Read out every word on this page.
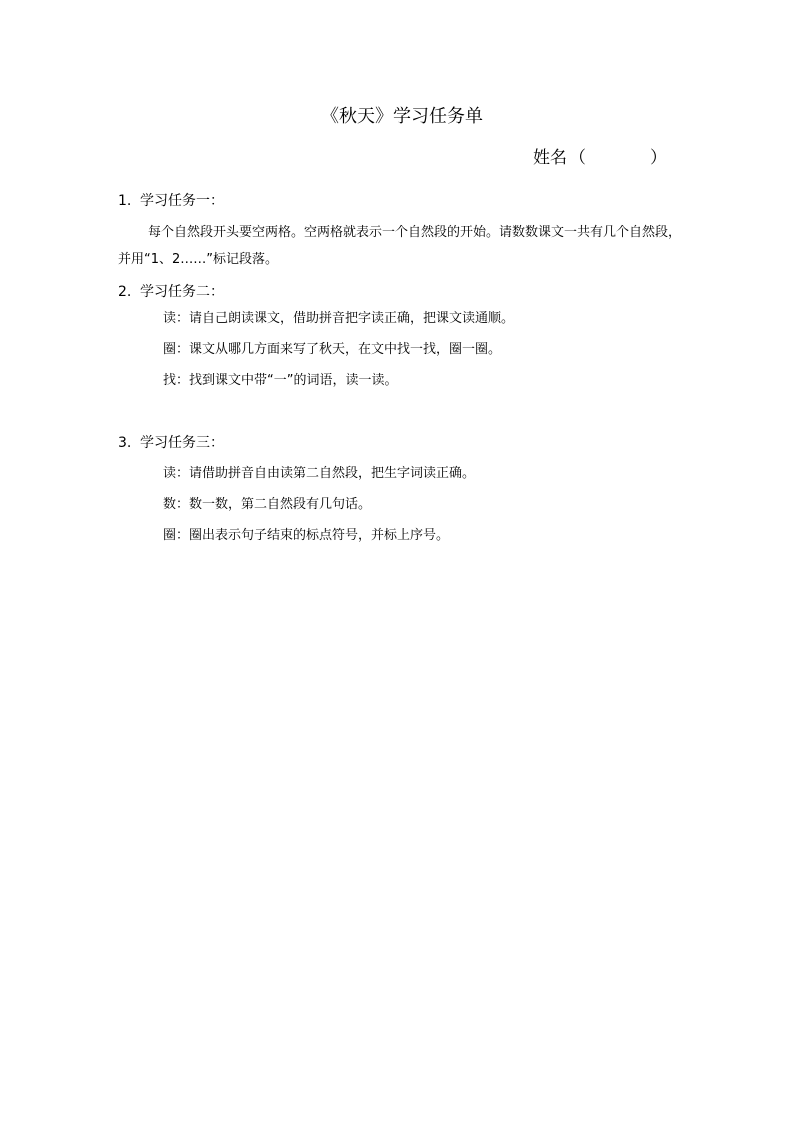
《秋天》学习任务单
姓名 （	）
1. 学习任务一：
每个自然段开头要空两格。空两格就表示一个自然段的开始。请数数课文一共有几个自然段，并用“1、2……”标记段落。
2. 学习任务二：
读：请自己朗读课文，借助拼音把字读正确，把课文读通顺。
圈：课文从哪几方面来写了秋天，在文中找一找，圈一圈。
找：找到课文中带“一”的词语，读一读。
3. 学习任务三：
读：请借助拼音自由读第二自然段，把生字词读正确。
数：数一数，第二自然段有几句话。
圈：圈出表示句子结束的标点符号，并标上序号。
